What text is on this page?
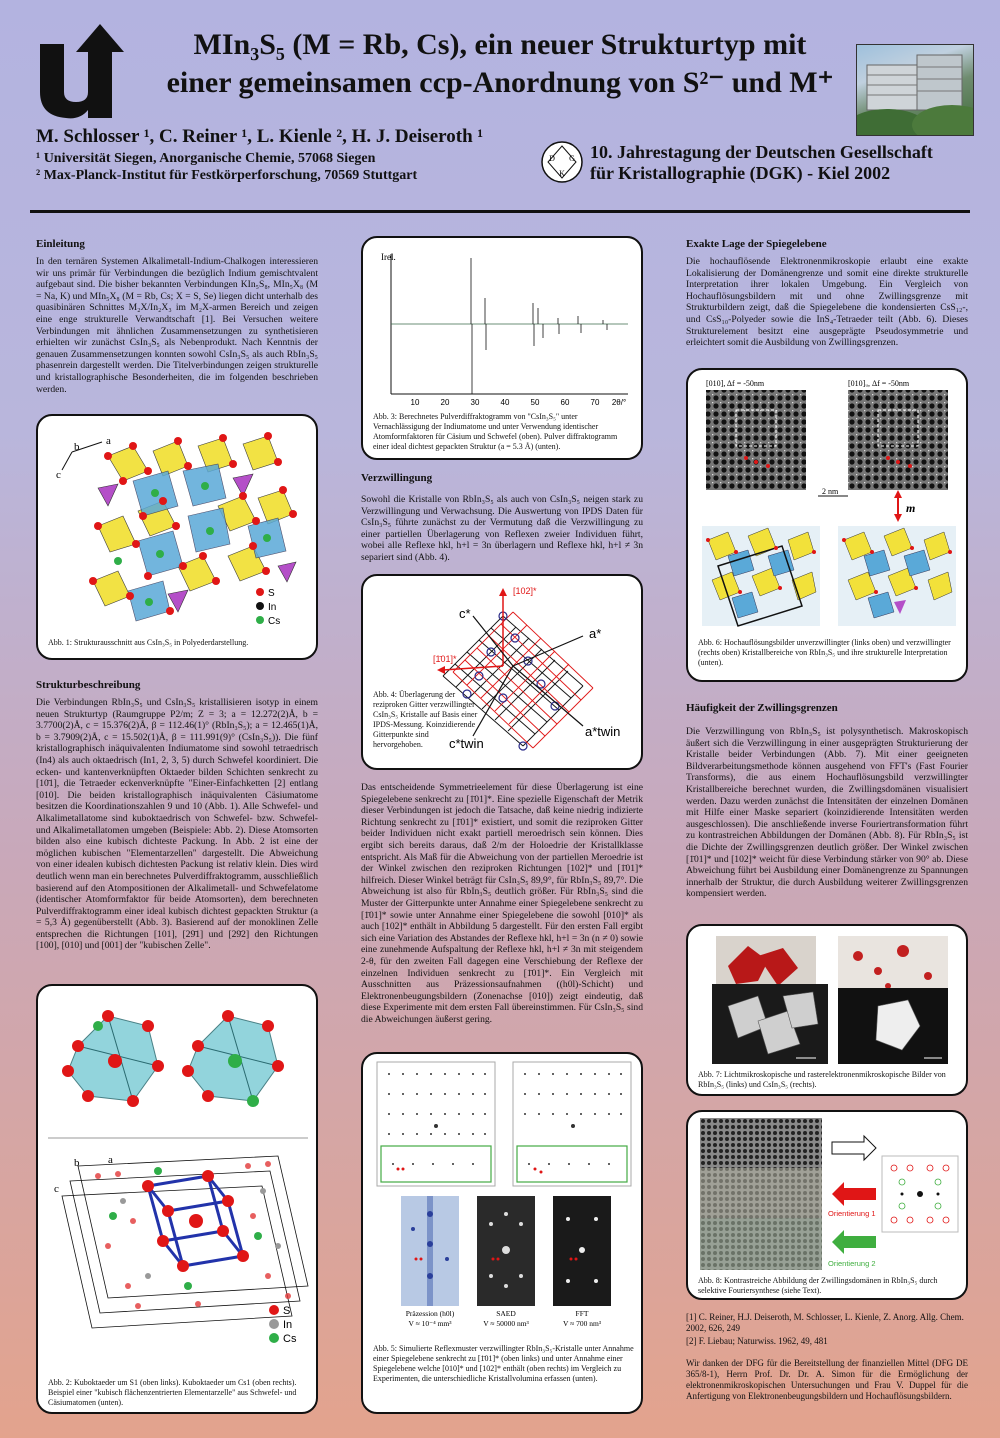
MIn₃S₅ (M = Rb, Cs), ein neuer Strukturtyp mit
einer gemeinsamen ccp-Anordnung von S²⁻ und M⁺
M. Schlosser ¹, C. Reiner ¹, L. Kienle ², H. J. Deiseroth ¹
¹ Universität Siegen, Anorganische Chemie, 57068 Siegen
² Max-Planck-Institut für Festkörperforschung, 70569 Stuttgart
D G
K
10. Jahrestagung der Deutschen Gesellschaft
für Kristallographie (DGK) - Kiel 2002
Einleitung
In den ternären Systemen Alkalimetall-Indium-Chalkogen interessieren wir uns primär für Verbindungen die bezüglich Indium gemischtvalent aufgebaut sind. Die bisher bekannten Verbindungen KIn₅S₈, MIn₅X₈ (M = Na, K) und MIn₅X₈ (M = Rb, Cs; X = S, Se) liegen dicht unterhalb des quasibinären Schnittes M₂X/In₂X₃ im M₂X-armen Bereich und zeigen eine enge strukturelle Verwandtschaft [1]. Bei Versuchen weitere Verbindungen mit ähnlichen Zusammensetzungen zu synthetisieren erhielten wir zunächst CsIn₃S₅ als Nebenprodukt. Nach Kenntnis der genauen Zusammensetzungen konnten sowohl CsIn₃S₅ als auch RbIn₃S₅ phasenrein dargestellt werden. Die Titelverbindungen zeigen strukturelle und kristallographische Besonderheiten, die im folgenden beschrieben werden.
a
b
c
S
In
Cs
Abb. 1: Strukturausschnitt aus CsIn₃S₅ in Polyederdarstellung.
Strukturbeschreibung
Die Verbindungen RbIn₃S₅ und CsIn₃S₅ kristallisieren isotyp in einem neuen Strukturtyp (Raumgruppe P2/m; Z = 3; a = 12.272(2)Å, b = 3.7700(2)Å, c = 15.376(2)Å, β = 112.46(1)° (RbIn₃S₅); a = 12.465(1)Å, b = 3.7909(2)Å, c = 15.502(1)Å, β = 111.991(9)° (CsIn₃S₅)). Die fünf kristallographisch inäquivalenten Indiumatome sind sowohl tetraedrisch (In4) als auch oktaedrisch (In1, 2, 3, 5) durch Schwefel koordiniert. Die ecken- und kantenverknüpften Oktaeder bilden Schichten senkrecht zu [10̄1], die Tetraeder eckenverknüpfte "Einer-Einfachketten [2] entlang [010]. Die beiden kristallographisch inäquivalenten Cäsiumatome besitzen die Koordinationszahlen 9 und 10 (Abb. 1). Alle Schwefel- und Alkalimetallatome sind kuboktaedrisch von Schwefel- bzw. Schwefel- und Alkalimetallatomen umgeben (Beispiele: Abb. 2). Diese Atomsorten bilden also eine kubisch dichteste Packung. In Abb. 2 ist eine der möglichen kubischen "Elementarzellen" dargestellt. Die Abweichung von einer idealen kubisch dichtesten Packung ist relativ klein. Dies wird deutlich wenn man ein berechnetes Pulverdiffraktogramm, ausschließlich basierend auf den Atompositionen der Alkalimetall- und Schwefelatome (identischer Atomformfaktor für beide Atomsorten), dem berechneten Pulverdiffraktogramm einer ideal kubisch dichtest gepackten Struktur (a = 5,3 Å) gegenüberstellt (Abb. 3). Basierend auf der monoklinen Zelle entsprechen die Richtungen [101], [29̄1] und [29̄2] den Richtungen [100], [010] und [001] der "kubischen Zelle".
a
b
c
S
In
Cs
Abb. 2: Kuboktaeder um S1 (oben links). Kuboktaeder um Cs1 (oben rechts). Beispiel einer "kubisch flächenzentrierten Elementarzelle" aus Schwefel- und Cäsiumatomen (unten).
Irel.
10	20	30	40	50	60	70 2θ/°
Abb. 3: Berechnetes Pulverdiffraktogramm von "CsIn₃S₅" unter Vernachlässigung der Indiumatome und unter Verwendung identischer Atomformfaktoren für Cäsium und Schwefel (oben). Pulver diffraktogramm einer ideal dichtest gepackten Struktur (a = 5.3 Å) (unten).
Verzwillingung
Sowohl die Kristalle von RbIn₃S₅ als auch von CsIn₃S₅ neigen stark zu Verzwillingung und Verwachsung. Die Auswertung von IPDS Daten für CsIn₃S₅ führte zunächst zu der Vermutung daß die Verzwillingung zu einer partiellen Überlagerung von Reflexen zweier Individuen führt, wobei alle Reflexe hkl, h+l = 3n überlagern und Reflexe hkl, h+l ≠ 3n separiert sind (Abb. 4).
[102]*
c*
a*
[1̄01]*
c*twin
a*twin
Abb. 4: Überlagerung der reziproken Gitter verzwillingter CsIn₃S₅ Kristalle auf Basis einer IPDS-Messung. Koinzidierende Gitterpunkte sind hervorgehoben.
Das entscheidende Symmetrieelement für diese Überlagerung ist eine Spiegelebene senkrecht zu [1̄01]*. Eine spezielle Eigenschaft der Metrik dieser Verbindungen ist jedoch die Tatsache, daß keine niedrig indizierte Richtung senkrecht zu [1̄01]* existiert, und somit die reziproken Gitter beider Individuen nicht exakt partiell meroedrisch sein können. Dies ergibt sich bereits daraus, daß 2/m der Holoedrie der Kristallklasse entspricht. Als Maß für die Abweichung von der partiellen Meroedrie ist der Winkel zwischen den reziproken Richtungen [102]* und [1̄01]* hilfreich. Dieser Winkel beträgt für CsIn₃S₅ 89,9°, für RbIn₃S₅ 89,7°. Die Abweichung ist also für RbIn₃S₅ deutlich größer. Für RbIn₃S₅ sind die Muster der Gitterpunkte unter Annahme einer Spiegelebene senkrecht zu [1̄01]* sowie unter Annahme einer Spiegelebene die sowohl [010]* als auch [102]* enthält in Abbildung 5 dargestellt. Für den ersten Fall ergibt sich eine Variation des Abstandes der Reflexe hkl, h+l = 3n (n ≠ 0) sowie eine zunehmende Aufspaltung der Reflexe hkl, h+l ≠ 3n mit steigendem 2-θ, für den zweiten Fall dagegen eine Verschiebung der Reflexe der einzelnen Individuen senkrecht zu [1̄01]*. Ein Vergleich mit Ausschnitten aus Präzessionsaufnahmen ((h0l)-Schicht) und Elektronenbeugungsbildern (Zonenachse [010]) zeigt eindeutig, daß diese Experimente mit dem ersten Fall übereinstimmen. Für CsIn₃S₅ sind die Abweichungen äußerst gering.
Präzession (h0l)
V ≈ 10⁻⁴ mm³
SAED
V ≈ 50000 nm³
FFT
V ≈ 700 nm³
Abb. 5: Simulierte Reflexmuster verzwillingter RbIn₃S₅-Kristalle unter Annahme einer Spiegelebene senkrecht zu [1̄01]* (oben links) und unter Annahme einer Spiegelebene welche [010]* und [102]* enthält (oben rechts) im Vergleich zu Experimenten, die unterschiedliche Kristallvolumina erfassen (unten).
Exakte Lage der Spiegelebene
Die hochauflösende Elektronenmikroskopie erlaubt eine exakte Lokalisierung der Domänengrenze und somit eine direkte strukturelle Interpretation ihrer lokalen Umgebung. Ein Vergleich von Hochauflösungsbildern mit und ohne Zwillingsgrenze mit Strukturbildern zeigt, daß die Spiegelebene die kondensierten CsS₁₂-, und CsS₁₀-Polyeder sowie die InS₄-Tetraeder teilt (Abb. 6). Dieses Strukturelement besitzt eine ausgeprägte Pseudosymmetrie und erleichtert somit die Ausbildung von Zwillingsgrenzen.
[010], Δf = -50nm	[010]ᵤ, Δf = -50nm
2 nm
m
Abb. 6: Hochauflösungsbilder unverzwillingter (links oben) und verzwillingter (rechts oben) Kristallbereiche von RbIn₃S₅ und ihre strukturelle Interpretation (unten).
Häufigkeit der Zwillingsgrenzen
Die Verzwillingung von RbIn₃S₅ ist polysynthetisch. Makroskopisch äußert sich die Verzwillingung in einer ausgeprägten Strukturierung der Kristalle beider Verbindungen (Abb. 7). Mit einer geeigneten Bildverarbeitungsmethode können ausgehend von FFT's (Fast Fourier Transforms), die aus einem Hochauflösungsbild verzwillingter Kristallbereiche berechnet wurden, die Zwillingsdomänen visualisiert werden. Dazu werden zunächst die Intensitäten der einzelnen Domänen mit Hilfe einer Maske separiert (koinzidierende Intensitäten werden ausgeschlossen). Die anschließende inverse Fouriertransformation führt zu kontrastreichen Abbildungen der Domänen (Abb. 8). Für RbIn₃S₅ ist die Dichte der Zwillingsgrenzen deutlich größer. Der Winkel zwischen [1̄01]* und [102]* weicht für diese Verbindung stärker von 90° ab. Diese Abweichung führt bei Ausbildung einer Domänengrenze zu Spannungen innerhalb der Struktur, die durch Ausbildung weiterer Zwillingsgrenzen kompensiert werden.
Abb. 7: Lichtmikroskopische und rasterelektronenmikroskopische Bilder von RbIn₃S₅ (links) und CsIn₃S₅ (rechts).
Orientierung 1
Orientierung 2
Abb. 8: Kontrastreiche Abbildung der Zwillingsdomänen in RbIn₃S₅ durch selektive Fouriersynthese (siehe Text).
[1] C. Reiner, H.J. Deiseroth, M. Schlosser, L. Kienle, Z. Anorg. Allg. Chem. 2002, 626, 249
[2] F. Liebau; Naturwiss. 1962, 49, 481
Wir danken der DFG für die Bereitstellung der finanziellen Mittel (DFG DE 365/8-1), Herrn Prof. Dr. Dr. A. Simon für die Ermöglichung der elektronenmikroskopischen Untersuchungen und Frau V. Duppel für die Anfertigung von Elektronenbeugungsbildern und Hochauflösungsbildern.
